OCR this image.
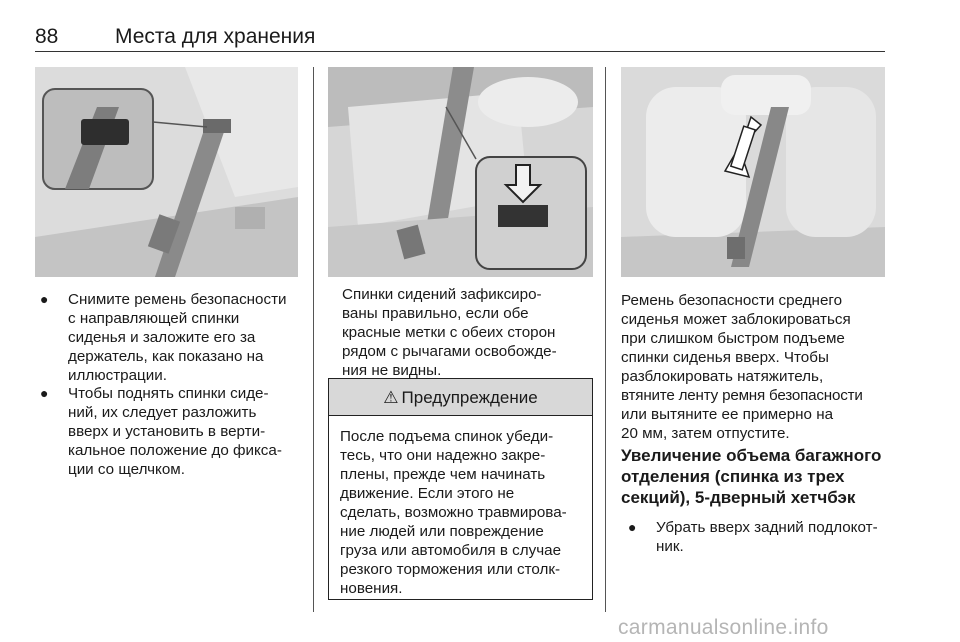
88	Места для хранения
● Снимите ремень безопасности
с направляющей спинки
сиденья и заложите его за
держатель, как показано на
иллюстрации.
● Чтобы поднять спинки сиде-
ний, их следует разложить
вверх и установить в верти-
кальное положение до фикса-
ции со щелчком.
Спинки сидений зафиксиро-
ваны правильно, если обе
красные метки с обеих сторон
рядом с рычагами освобожде-
ния не видны.
⚠ Предупреждение
После подъема спинок убеди-
тесь, что они надежно закре-
плены, прежде чем начинать
движение. Если этого не
сделать, возможно травмирова-
ние людей или повреждение
груза или автомобиля в случае
резкого торможения или столк-
новения.
Ремень безопасности среднего
сиденья может заблокироваться
при слишком быстром подъеме
спинки сиденья вверх. Чтобы
разблокировать натяжитель,
втяните ленту ремня безопасности
или вытяните ее примерно на
20 мм, затем отпустите.
Увеличение объема багажного
отделения (спинка из трех
секций), 5-дверный хетчбэк
● Убрать вверх задний подлокот-
ник.
carmanualsonline.info
